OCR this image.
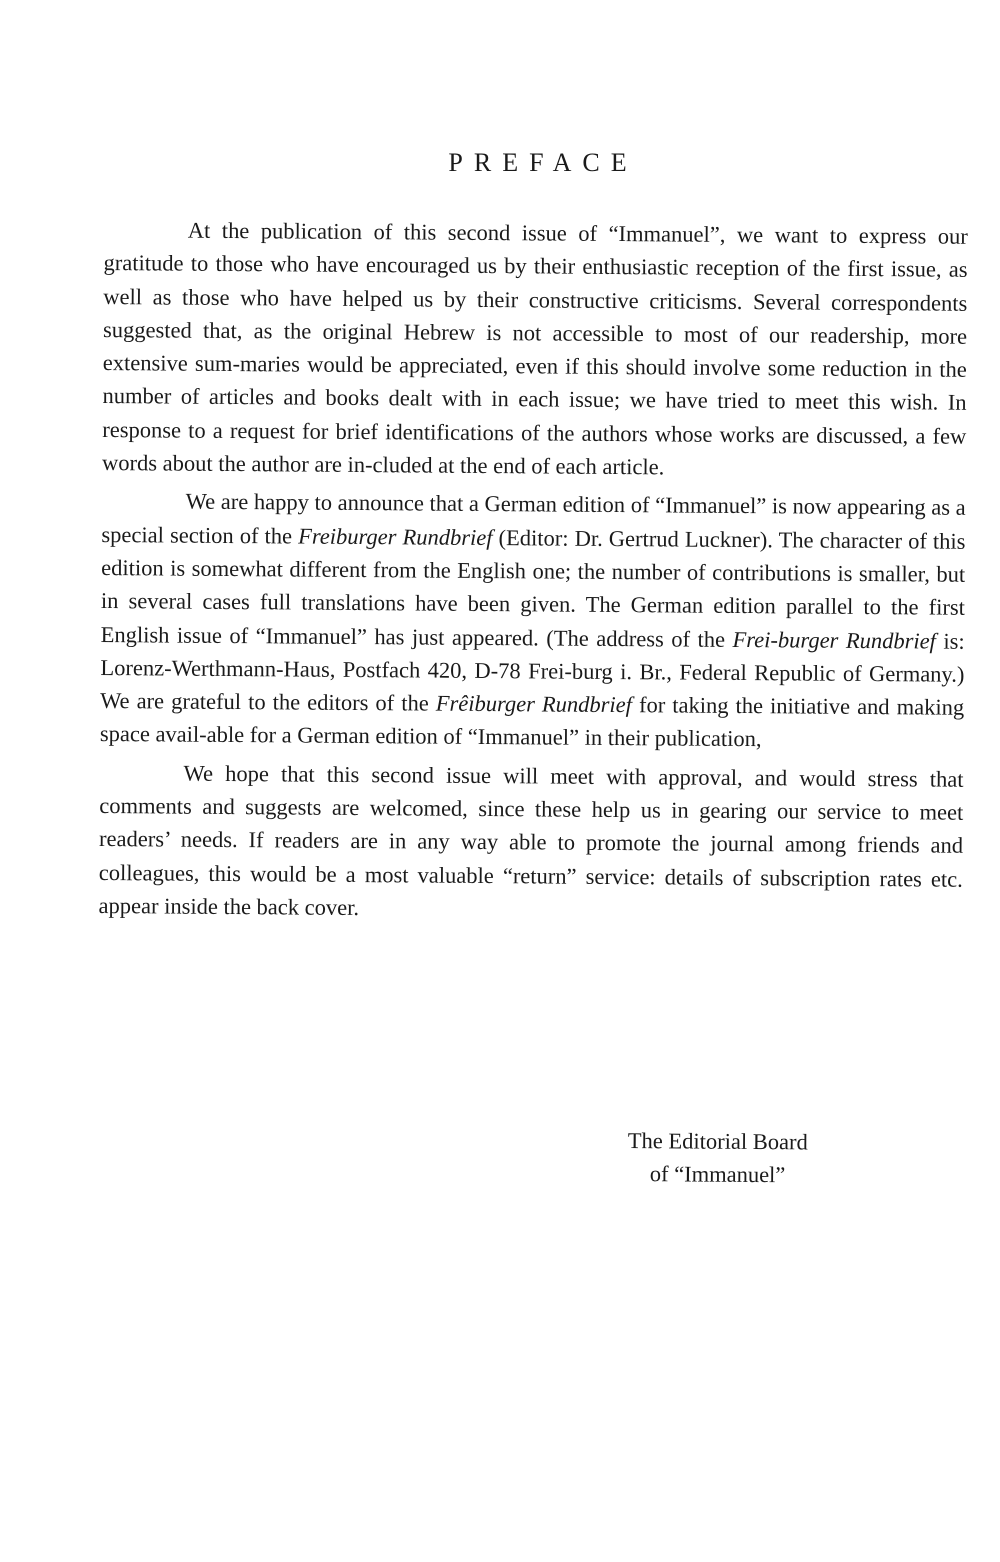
PREFACE

At the publication of this second issue of “Immanuel”, we want to express our gratitude to those who have encouraged us by their enthusiastic reception of the first issue, as well as those who have helped us by their constructive criticisms. Several correspondents suggested that, as the original Hebrew is not accessible to most of our readership, more extensive sum-maries would be appreciated, even if this should involve some reduction in the number of articles and books dealt with in each issue; we have tried to meet this wish. In response to a request for brief identifications of the authors whose works are discussed, a few words about the author are in-cluded at the end of each article.

We are happy to announce that a German edition of “Immanuel” is now appearing as a special section of the Freiburger Rundbrief (Editor: Dr. Gertrud Luckner). The character of this edition is somewhat different from the English one; the number of contributions is smaller, but in several cases full translations have been given. The German edition parallel to the first English issue of “Immanuel” has just appeared. (The address of the Frei-burger Rundbrief is: Lorenz-Werthmann-Haus, Postfach 420, D-78 Frei-burg i. Br., Federal Republic of Germany.) We are grateful to the editors of the Frêiburger Rundbrief for taking the initiative and making space avail-able for a German edition of “Immanuel” in their publication,

We hope that this second issue will meet with approval, and would stress that comments and suggests are welcomed, since these help us in gearing our service to meet readers’ needs. If readers are in any way able to promote the journal among friends and colleagues, this would be a most valuable “return” service: details of subscription rates etc. appear inside the back cover.

The Editorial Board
of “Immanuel”
